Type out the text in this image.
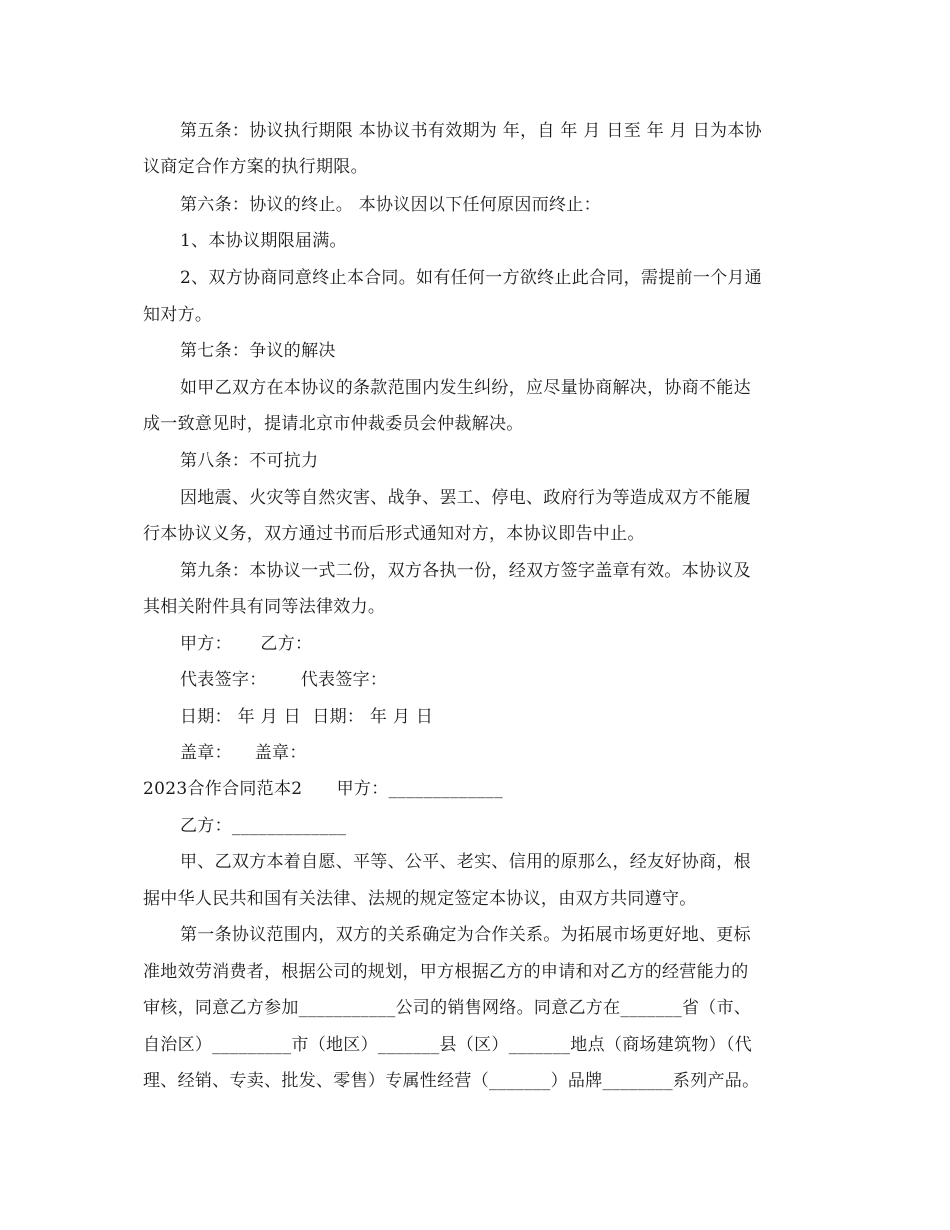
第五条：协议执行期限 本协议书有效期为 年，自 年 月 日至 年 月 日为本协
议商定合作方案的执行期限。
第六条：协议的终止。 本协议因以下任何原因而终止：
1、本协议期限届满。
2、双方协商同意终止本合同。如有任何一方欲终止此合同，需提前一个月通
知对方。
第七条：争议的解决
如甲乙双方在本协议的条款范围内发生纠纷，应尽量协商解决，协商不能达
成一致意见时，提请北京市仲裁委员会仲裁解决。
第八条：不可抗力
因地震、火灾等自然灾害、战争、罢工、停电、政府行为等造成双方不能履
行本协议义务，双方通过书而后形式通知对方，本协议即告中止。
第九条：本协议一式二份，双方各执一份，经双方签字盖章有效。本协议及
其相关附件具有同等法律效力。
甲方：     乙方：
代表签字：      代表签字：
日期： 年 月 日  日期： 年 月 日
盖章：    盖章：
2023合作合同范本2      甲方：_____________
乙方：_____________
甲、乙双方本着自愿、平等、公平、老实、信用的原那么，经友好协商，根
据中华人民共和国有关法律、法规的规定签定本协议，由双方共同遵守。
第一条协议范围内，双方的关系确定为合作关系。为拓展市场更好地、更标
准地效劳消费者，根据公司的规划，甲方根据乙方的申请和对乙方的经营能力的
审核，同意乙方参加___________公司的销售网络。同意乙方在_______省（市、
自治区）_________市（地区）_______县（区）_______地点（商场建筑物）（代
理、经销、专卖、批发、零售）专属性经营（_______）品牌________系列产品。
